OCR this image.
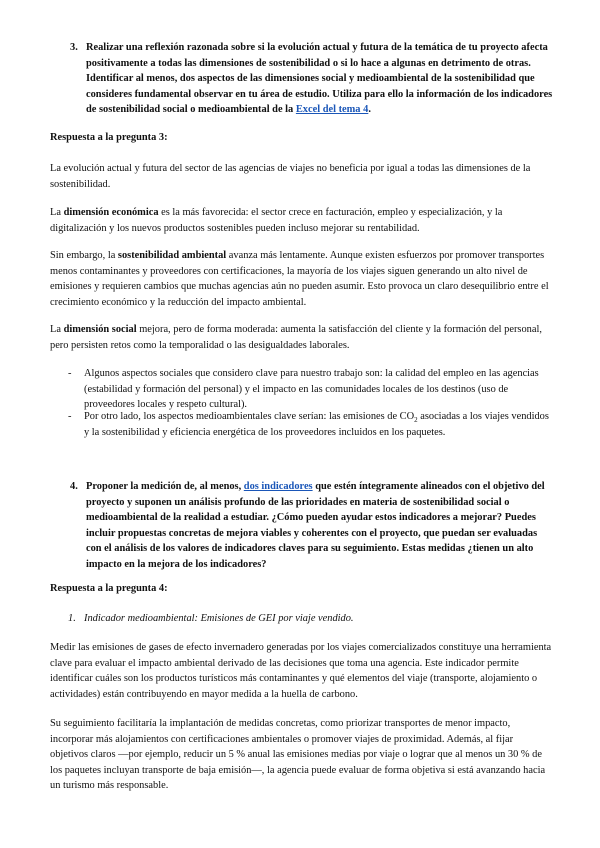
3. Realizar una reflexión razonada sobre si la evolución actual y futura de la temática de tu proyecto afecta positivamente a todas las dimensiones de sostenibilidad o si lo hace a algunas en detrimento de otras. Identificar al menos, dos aspectos de las dimensiones social y medioambiental de la sostenibilidad que consideres fundamental observar en tu área de estudio. Utiliza para ello la información de los indicadores de sostenibilidad social o medioambiental de la Excel del tema 4.
Respuesta a la pregunta 3:
La evolución actual y futura del sector de las agencias de viajes no beneficia por igual a todas las dimensiones de la sostenibilidad.
La dimensión económica es la más favorecida: el sector crece en facturación, empleo y especialización, y la digitalización y los nuevos productos sostenibles pueden incluso mejorar su rentabilidad.
Sin embargo, la sostenibilidad ambiental avanza más lentamente. Aunque existen esfuerzos por promover transportes menos contaminantes y proveedores con certificaciones, la mayoría de los viajes siguen generando un alto nivel de emisiones y requieren cambios que muchas agencias aún no pueden asumir. Esto provoca un claro desequilibrio entre el crecimiento económico y la reducción del impacto ambiental.
La dimensión social mejora, pero de forma moderada: aumenta la satisfacción del cliente y la formación del personal, pero persisten retos como la temporalidad o las desigualdades laborales.
- Algunos aspectos sociales que considero clave para nuestro trabajo son: la calidad del empleo en las agencias (estabilidad y formación del personal) y el impacto en las comunidades locales de los destinos (uso de proveedores locales y respeto cultural).
- Por otro lado, los aspectos medioambientales clave serían: las emisiones de $CO_2$ asociadas a los viajes vendidos y la sostenibilidad y eficiencia energética de los proveedores incluidos en los paquetes.
4. Proponer la medición de, al menos, dos indicadores que estén íntegramente alineados con el objetivo del proyecto y suponen un análisis profundo de las prioridades en materia de sostenibilidad social o medioambiental de la realidad a estudiar. ¿Cómo pueden ayudar estos indicadores a mejorar? Puedes incluir propuestas concretas de mejora viables y coherentes con el proyecto, que puedan ser evaluadas con el análisis de los valores de indicadores claves para su seguimiento. Estas medidas ¿tienen un alto impacto en la mejora de los indicadores?
Respuesta a la pregunta 4:
1. Indicador medioambiental: Emisiones de GEI por viaje vendido.
Medir las emisiones de gases de efecto invernadero generadas por los viajes comercializados constituye una herramienta clave para evaluar el impacto ambiental derivado de las decisiones que toma una agencia. Este indicador permite identificar cuáles son los productos turísticos más contaminantes y qué elementos del viaje (transporte, alojamiento o actividades) están contribuyendo en mayor medida a la huella de carbono.
Su seguimiento facilitaría la implantación de medidas concretas, como priorizar transportes de menor impacto, incorporar más alojamientos con certificaciones ambientales o promover viajes de proximidad. Además, al fijar objetivos claros —por ejemplo, reducir un 5 % anual las emisiones medias por viaje o lograr que al menos un 30 % de los paquetes incluyan transporte de baja emisión—, la agencia puede evaluar de forma objetiva si está avanzando hacia un turismo más responsable.
